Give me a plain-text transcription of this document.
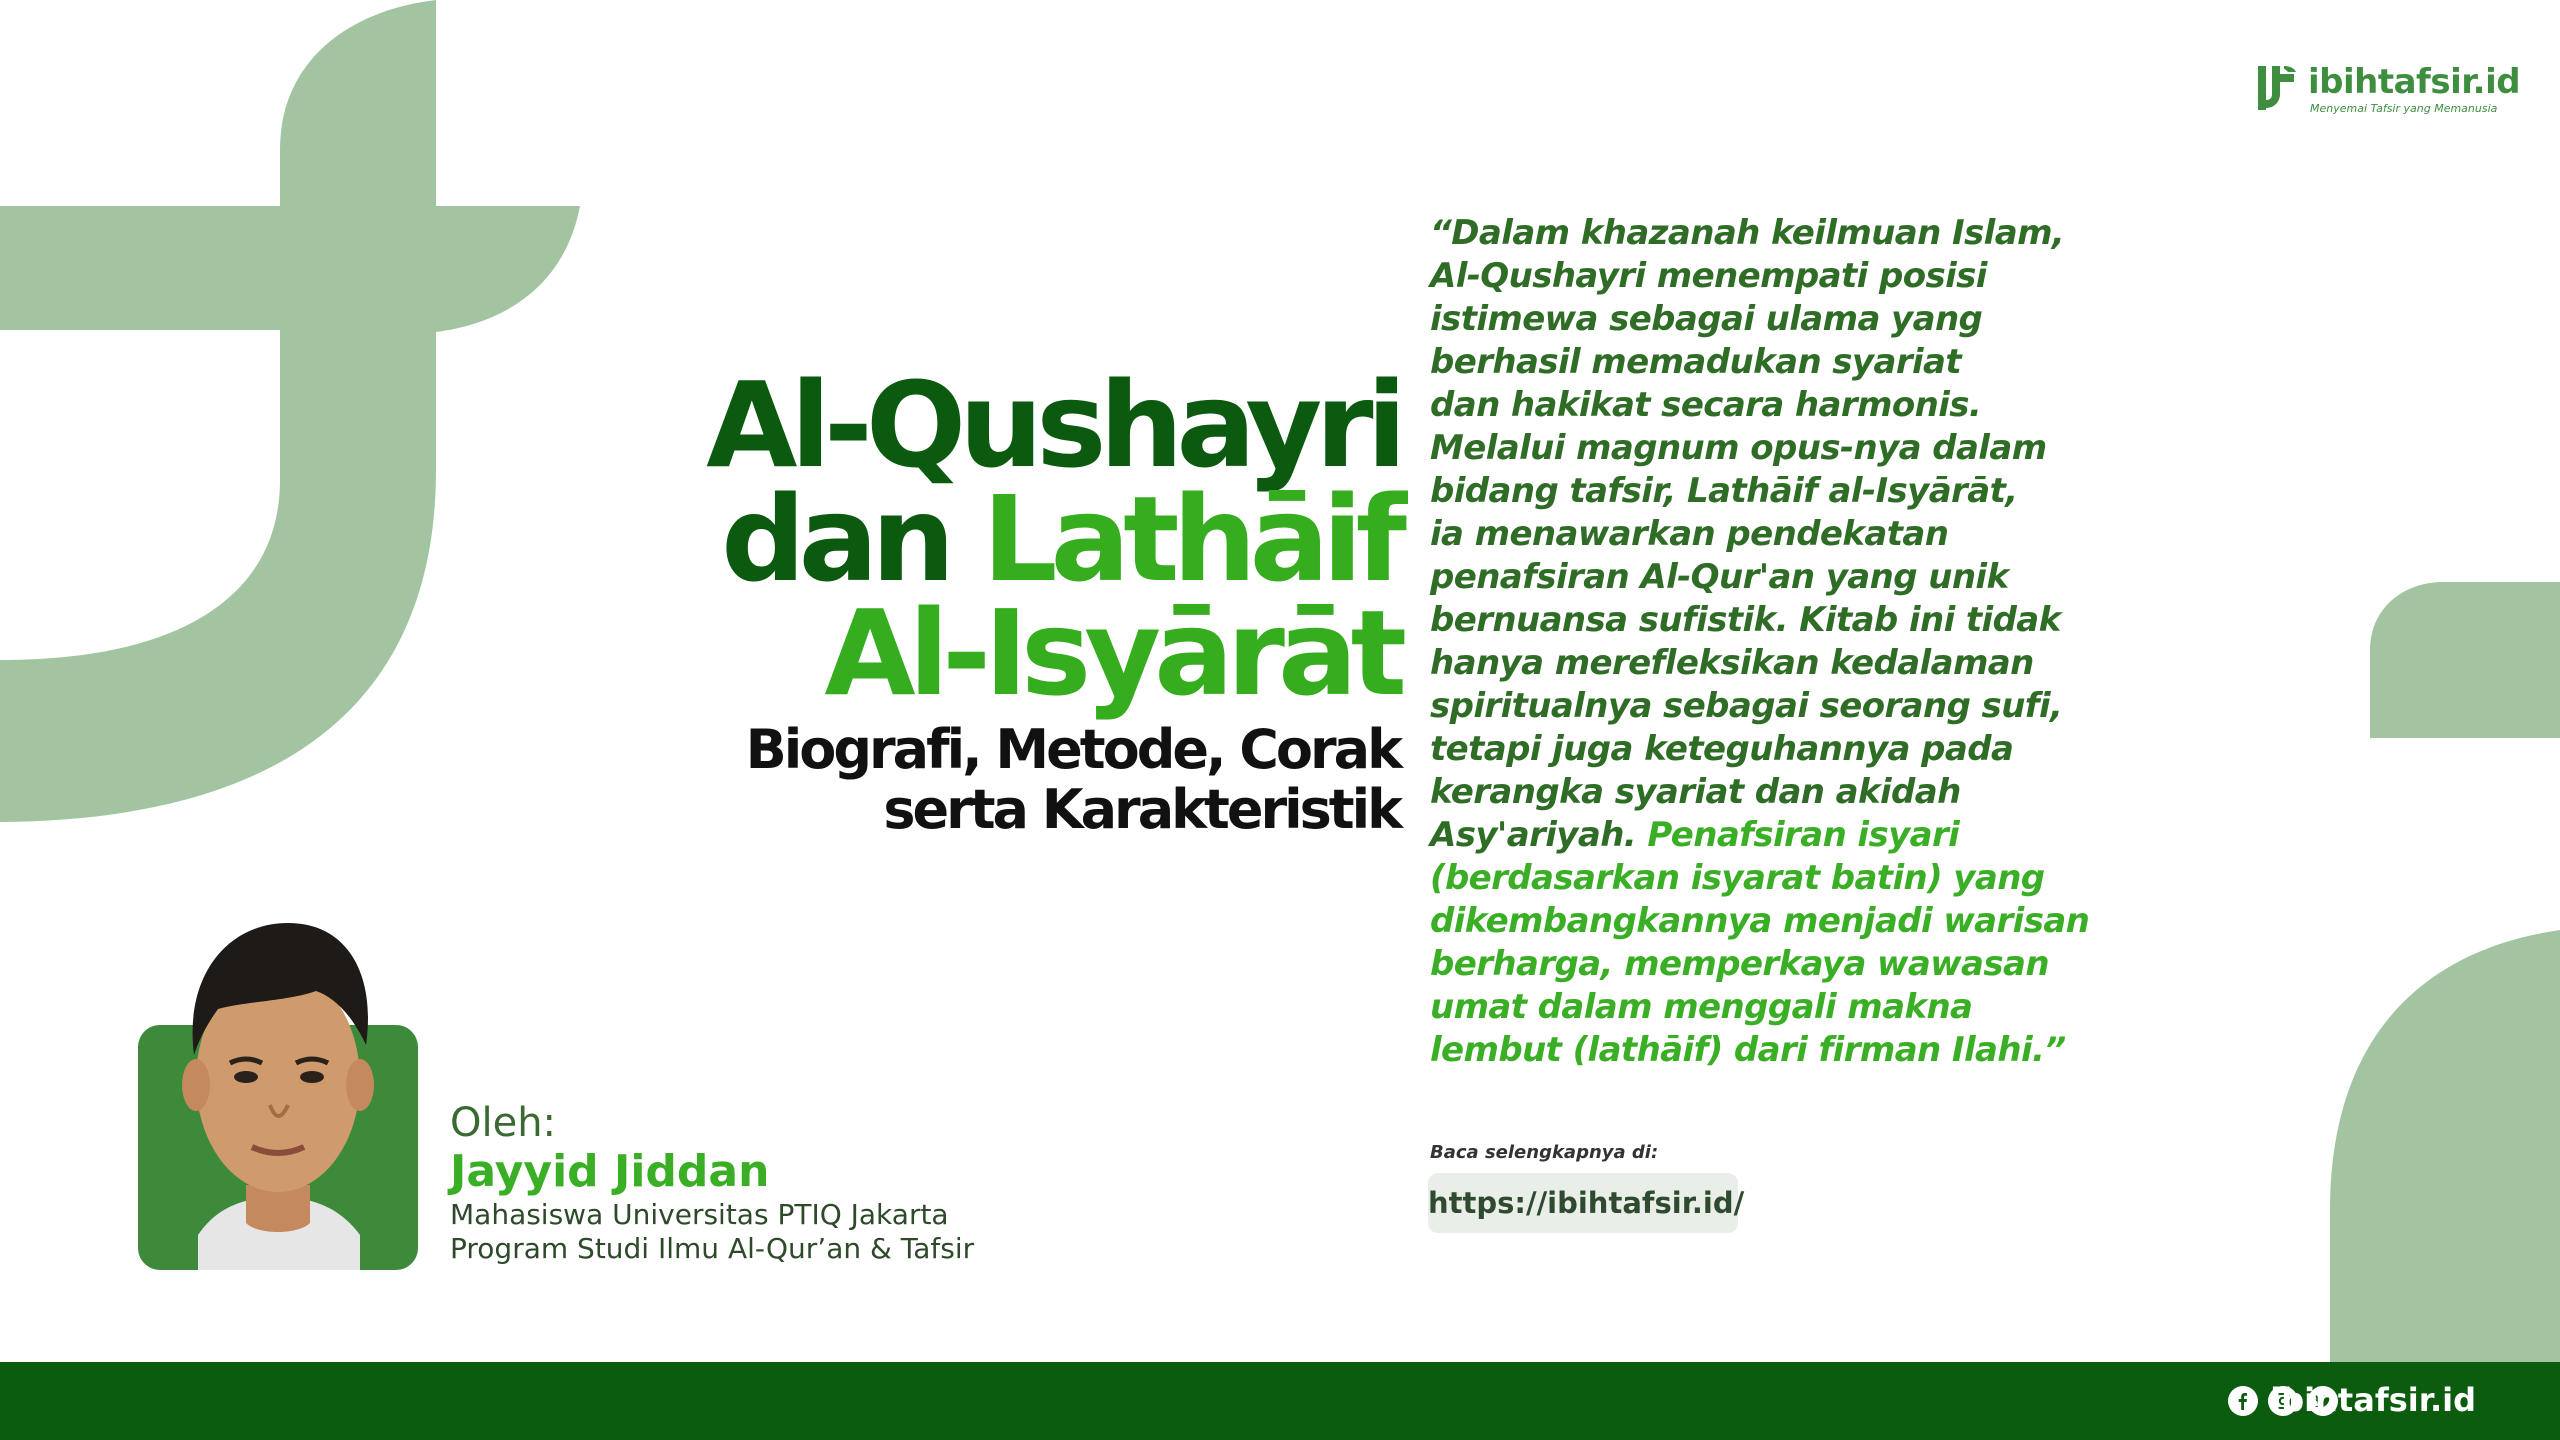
ibihtafsir.id
Menyemai Tafsir yang Memanusia
Al-Qushayri
dan Lathāif
Al-Isyārāt
Biografi, Metode, Corak
serta Karakteristik
“Dalam khazanah keilmuan Islam,
Al-Qushayri menempati posisi
istimewa sebagai ulama yang
berhasil memadukan syariat
dan hakikat secara harmonis.
Melalui magnum opus-nya dalam
bidang tafsir, Lathāif al-Isyārāt,
ia menawarkan pendekatan
penafsiran Al-Qur'an yang unik
bernuansa sufistik. Kitab ini tidak
hanya merefleksikan kedalaman
spiritualnya sebagai seorang sufi,
tetapi juga keteguhannya pada
kerangka syariat dan akidah
Asy'ariyah. Penafsiran isyari
(berdasarkan isyarat batin) yang
dikembangkannya menjadi warisan
berharga, memperkaya wawasan
umat dalam menggali makna
lembut (lathāif) dari firman Ilahi.”
Baca selengkapnya di:
https://ibihtafsir.id/
Oleh:
Jayyid Jiddan
Mahasiswa Universitas PTIQ Jakarta
Program Studi Ilmu Al-Qur’an & Tafsir
ibihtafsir.id
